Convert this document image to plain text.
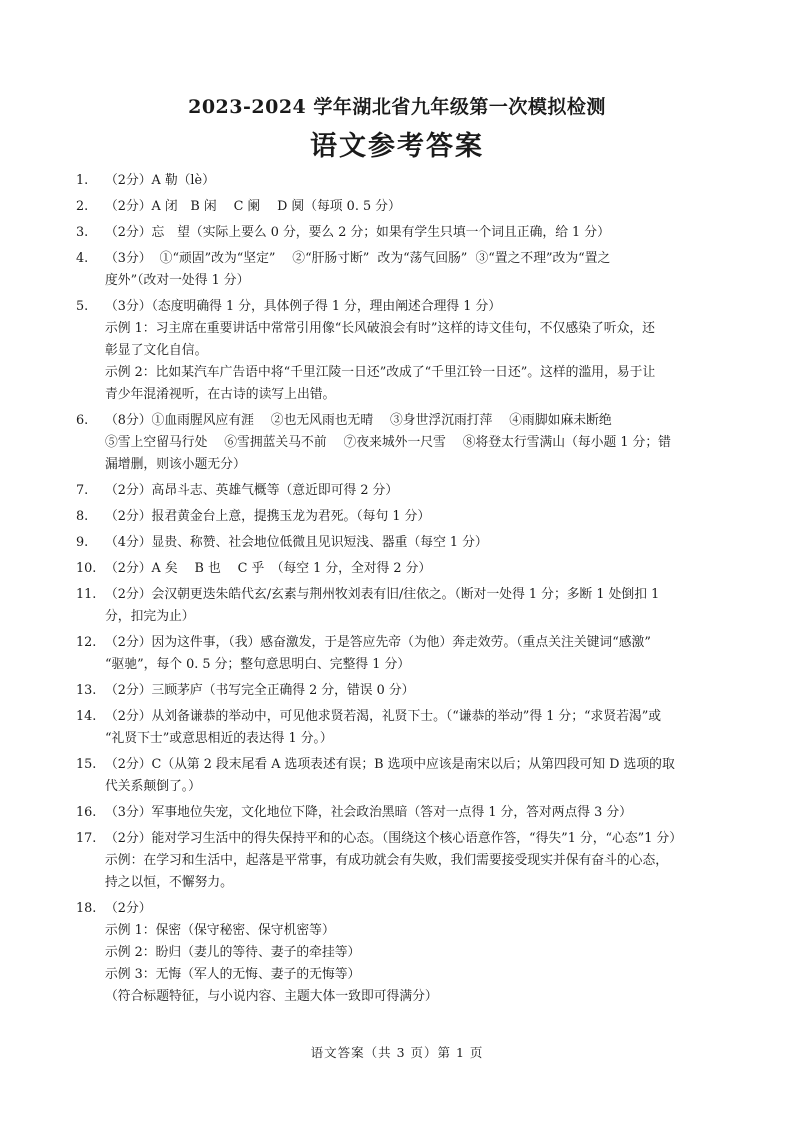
2023-2024 学年湖北省九年级第一次模拟检测
语文参考答案
1.	（2分）A 勒（lè）
2.	（2分）A 闭　B 闲　 C 阑　 D 阒（每项 0. 5 分）
3.	（2分）忘　望（实际上要么 0 分，要么 2 分；如果有学生只填一个词且正确，给 1 分）
4.	（3分）  ①“顽固”改为“坚定”　 ②“肝肠寸断”  改为“荡气回肠”  ③“置之不理”改为“置之
度外”（改对一处得 1 分）
5.	（3分）（态度明确得 1 分，具体例子得 1 分，理由阐述合理得 1 分）
示例 1：习主席在重要讲话中常常引用像“长风破浪会有时”这样的诗文佳句，不仅感染了听众，还
彰显了文化自信。
示例 2：比如某汽车广告语中将“千里江陵一日还”改成了“千里江铃一日还”。这样的滥用，易于让
青少年混淆视听，在古诗的读写上出错。
6.	（8分）①血雨腥风应有涯　 ②也无风雨也无晴　 ③身世浮沉雨打萍　 ④雨脚如麻未断绝
⑤雪上空留马行处　 ⑥雪拥蓝关马不前　 ⑦夜来城外一尺雪　 ⑧将登太行雪满山（每小题 1 分；错
漏增删，则该小题无分）
7.	（2分）高昂斗志、英雄气概等（意近即可得 2 分）
8.	（2分）报君黄金台上意，提携玉龙为君死。（每句 1 分）
9.	（4分）显贵、称赞、社会地位低微且见识短浅、器重（每空 1 分）
10. （2分）A 矣　 B 也　 C 乎　（每空 1 分，全对得 2 分）
11. （2分）会汉朝更迭朱皓代玄/玄素与荆州牧刘表有旧/往依之。（断对一处得 1 分；多断 1 处倒扣 1
分，扣完为止）
12. （2分）因为这件事，（我）感奋激发，于是答应先帝（为他）奔走效劳。（重点关注关键词“感激”
“驱驰”，每个 0. 5 分；整句意思明白、完整得 1 分）
13. （2分）三顾茅庐（书写完全正确得 2 分，错误 0 分）
14. （2分）从刘备谦恭的举动中，可见他求贤若渴，礼贤下士。（“谦恭的举动”得 1 分；“求贤若渴”或
“礼贤下士”或意思相近的表达得 1 分。）
15. （2分）C（从第 2 段末尾看 A 选项表述有误；B 选项中应该是南宋以后；从第四段可知 D 选项的取
代关系颠倒了。）
16. （3分）军事地位失宠，文化地位下降，社会政治黑暗（答对一点得 1 分，答对两点得 3 分）
17. （2分）能对学习生活中的得失保持平和的心态。（围绕这个核心语意作答，“得失”1 分，“心态”1 分）
示例：在学习和生活中，起落是平常事，有成功就会有失败，我们需要接受现实并保有奋斗的心态，
持之以恒，不懈努力。
18. （2分）
示例 1：保密（保守秘密、保守机密等）
示例 2：盼归（妻儿的等待、妻子的牵挂等）
示例 3：无悔（军人的无悔、妻子的无悔等）
（符合标题特征，与小说内容、主题大体一致即可得满分）
语文答案（共 3 页）第 1 页
